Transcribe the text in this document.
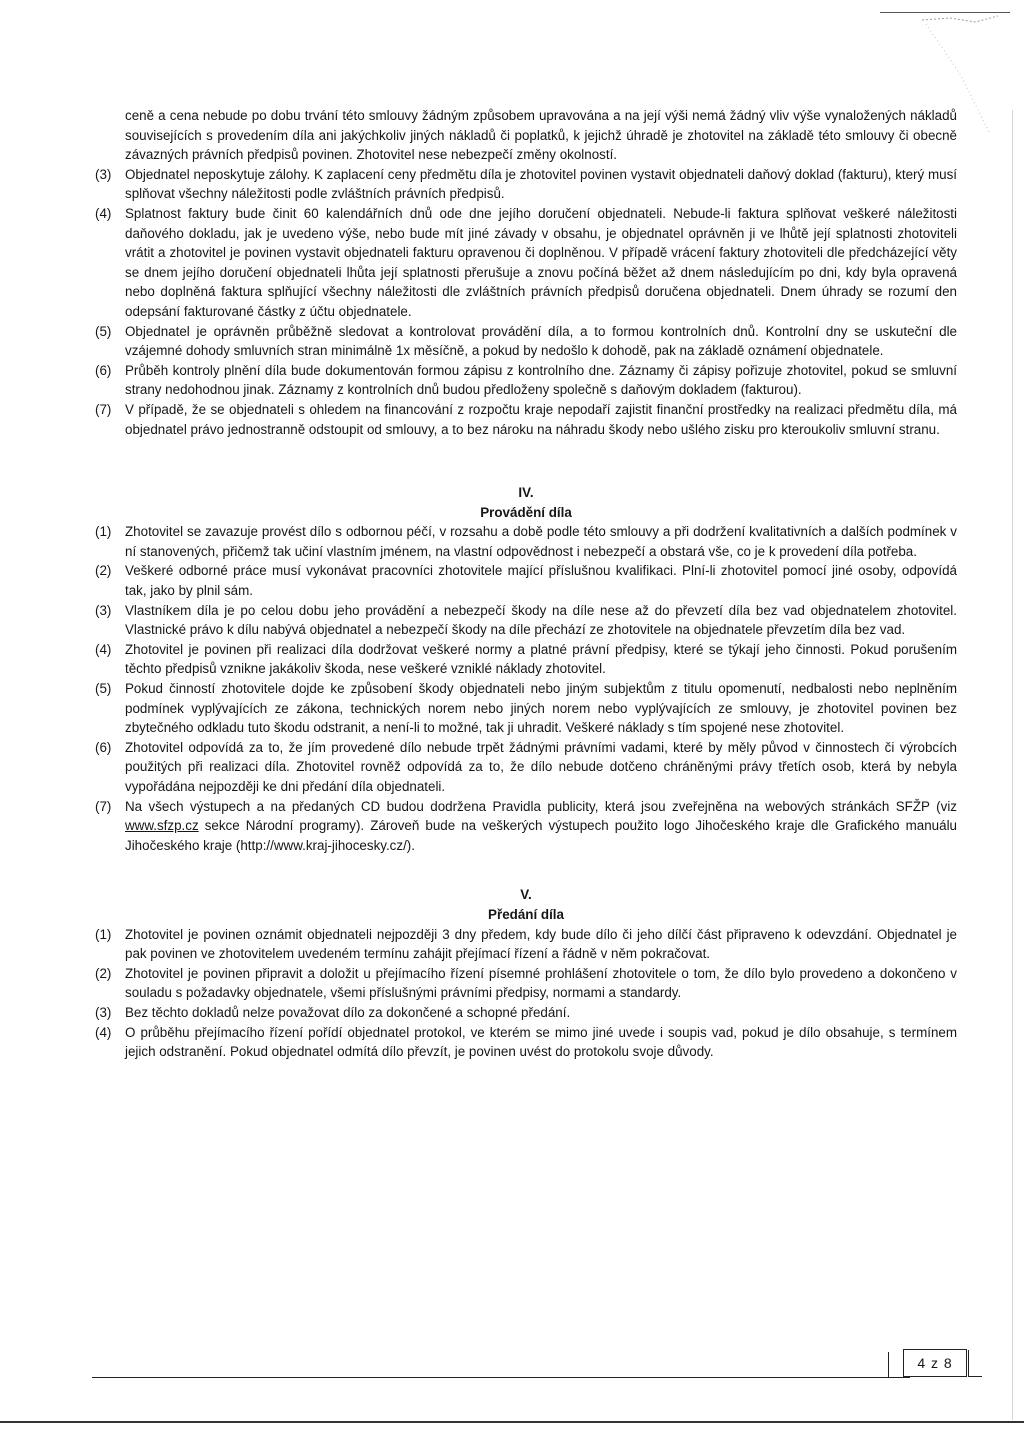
ceně a cena nebude po dobu trvání této smlouvy žádným způsobem upravována a na její výši nemá žádný vliv výše vynaložených nákladů souvisejících s provedením díla ani jakýchkoliv jiných nákladů či poplatků, k jejichž úhradě je zhotovitel na základě této smlouvy či obecně závazných právních předpisů povinen. Zhotovitel nese nebezpečí změny okolností.

(3) Objednatel neposkytuje zálohy. K zaplacení ceny předmětu díla je zhotovitel povinen vystavit objednateli daňový doklad (fakturu), který musí splňovat všechny náležitosti podle zvláštních právních předpisů.

(4) Splatnost faktury bude činit 60 kalendářních dnů ode dne jejího doručení objednateli. Nebude-li faktura splňovat veškeré náležitosti daňového dokladu, jak je uvedeno výše, nebo bude mít jiné závady v obsahu, je objednatel oprávněn ji ve lhůtě její splatnosti zhotoviteli vrátit a zhotovitel je povinen vystavit objednateli fakturu opravenou či doplněnou. V případě vrácení faktury zhotoviteli dle předcházející věty se dnem jejího doručení objednateli lhůta její splatnosti přerušuje a znovu počíná běžet až dnem následujícím po dni, kdy byla opravená nebo doplněná faktura splňující všechny náležitosti dle zvláštních právních předpisů doručena objednateli. Dnem úhrady se rozumí den odepsání fakturované částky z účtu objednatele.

(5) Objednatel je oprávněn průběžně sledovat a kontrolovat provádění díla, a to formou kontrolních dnů. Kontrolní dny se uskuteční dle vzájemné dohody smluvních stran minimálně 1x měsíčně, a pokud by nedošlo k dohodě, pak na základě oznámení objednatele.

(6) Průběh kontroly plnění díla bude dokumentován formou zápisu z kontrolního dne. Záznamy či zápisy pořizuje zhotovitel, pokud se smluvní strany nedohodnou jinak. Záznamy z kontrolních dnů budou předloženy společně s daňovým dokladem (fakturou).

(7) V případě, že se objednateli s ohledem na financování z rozpočtu kraje nepodaří zajistit finanční prostředky na realizaci předmětu díla, má objednatel právo jednostranně odstoupit od smlouvy, a to bez nároku na náhradu škody nebo ušlého zisku pro kteroukoliv smluvní stranu.

IV.

Provádění díla

(1) Zhotovitel se zavazuje provést dílo s odbornou péčí, v rozsahu a době podle této smlouvy a při dodržení kvalitativních a dalších podmínek v ní stanovených, přičemž tak učiní vlastním jménem, na vlastní odpovědnost i nebezpečí a obstará vše, co je k provedení díla potřeba.

(2) Veškeré odborné práce musí vykonávat pracovníci zhotovitele mající příslušnou kvalifikaci. Plní-li zhotovitel pomocí jiné osoby, odpovídá tak, jako by plnil sám.

(3) Vlastníkem díla je po celou dobu jeho provádění a nebezpečí škody na díle nese až do převzetí díla bez vad objednatelem zhotovitel. Vlastnické právo k dílu nabývá objednatel a nebezpečí škody na díle přechází ze zhotovitele na objednatele převzetím díla bez vad.

(4) Zhotovitel je povinen při realizaci díla dodržovat veškeré normy a platné právní předpisy, které se týkají jeho činnosti. Pokud porušením těchto předpisů vznikne jakákoliv škoda, nese veškeré vzniklé náklady zhotovitel.

(5) Pokud činností zhotovitele dojde ke způsobení škody objednateli nebo jiným subjektům z titulu opomenutí, nedbalosti nebo neplněním podmínek vyplývajících ze zákona, technických norem nebo jiných norem nebo vyplývajících ze smlouvy, je zhotovitel povinen bez zbytečného odkladu tuto škodu odstranit, a není-li to možné, tak ji uhradit. Veškeré náklady s tím spojené nese zhotovitel.

(6) Zhotovitel odpovídá za to, že jím provedené dílo nebude trpět žádnými právními vadami, které by měly původ v činnostech či výrobcích použitých při realizaci díla. Zhotovitel rovněž odpovídá za to, že dílo nebude dotčeno chráněnými právy třetích osob, která by nebyla vypořádána nejpozději ke dni předání díla objednateli.

(7) Na všech výstupech a na předaných CD budou dodržena Pravidla publicity, která jsou zveřejněna na webových stránkách SFŽP (viz www.sfzp.cz sekce Národní programy). Zároveň bude na veškerých výstupech použito logo Jihočeského kraje dle Grafického manuálu Jihočeského kraje (http://www.kraj-jihocesky.cz/).

V.

Předání díla

(1) Zhotovitel je povinen oznámit objednateli nejpozději 3 dny předem, kdy bude dílo či jeho dílčí část připraveno k odevzdání. Objednatel je pak povinen ve zhotovitelem uvedeném termínu zahájit přejímací řízení a řádně v něm pokračovat.

(2) Zhotovitel je povinen připravit a doložit u přejímacího řízení písemné prohlášení zhotovitele o tom, že dílo bylo provedeno a dokončeno v souladu s požadavky objednatele, všemi příslušnými právními předpisy, normami a standardy.

(3) Bez těchto dokladů nelze považovat dílo za dokončené a schopné předání.

(4) O průběhu přejímacího řízení pořídí objednatel protokol, ve kterém se mimo jiné uvede i soupis vad, pokud je dílo obsahuje, s termínem jejich odstranění. Pokud objednatel odmítá dílo převzít, je povinen uvést do protokolu svoje důvody.

4 z 8
